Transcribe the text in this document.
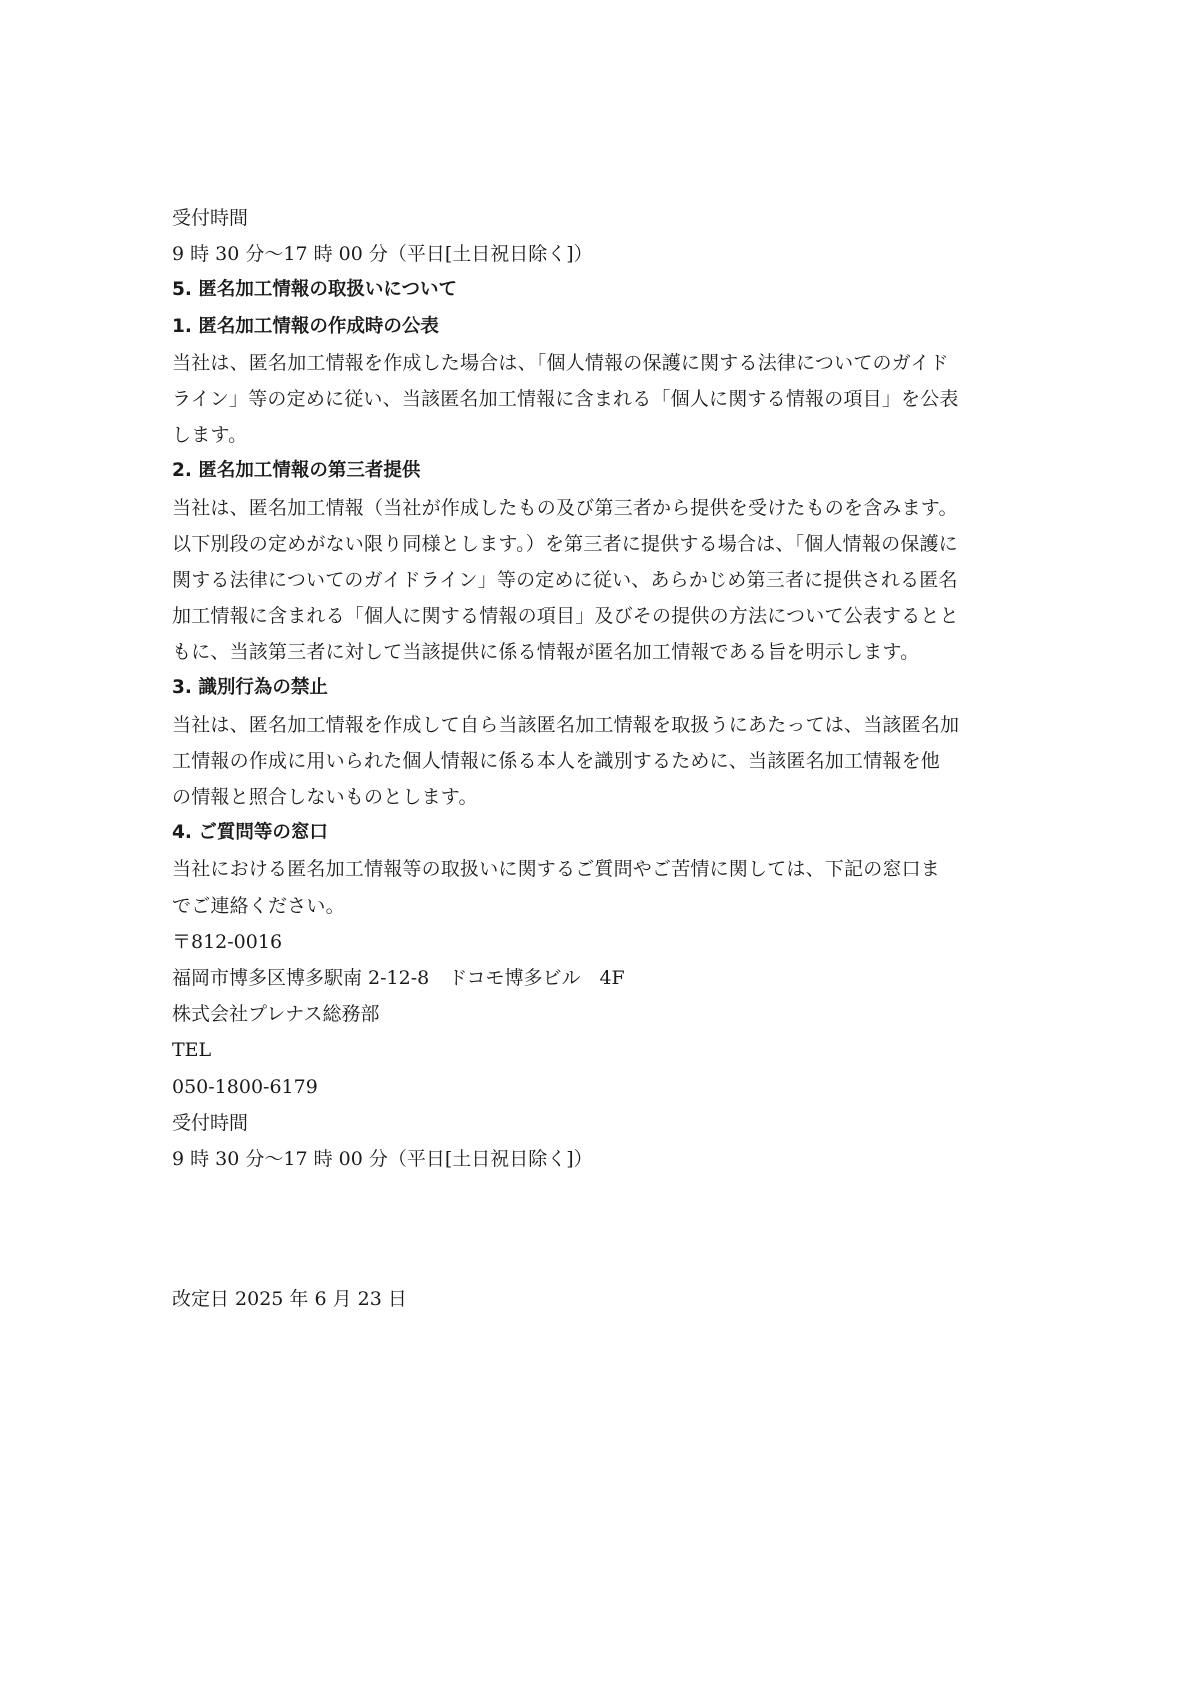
受付時間
9 時 30 分～17 時 00 分（平日[土日祝日除く]）
5. 匿名加工情報の取扱いについて
1. 匿名加工情報の作成時の公表
当社は、匿名加工情報を作成した場合は、「個人情報の保護に関する法律についてのガイド
ライン」等の定めに従い、当該匿名加工情報に含まれる「個人に関する情報の項目」を公表
します。
2. 匿名加工情報の第三者提供
当社は、匿名加工情報（当社が作成したもの及び第三者から提供を受けたものを含みます。
以下別段の定めがない限り同様とします。）を第三者に提供する場合は、「個人情報の保護に
関する法律についてのガイドライン」等の定めに従い、あらかじめ第三者に提供される匿名
加工情報に含まれる「個人に関する情報の項目」及びその提供の方法について公表するとと
もに、当該第三者に対して当該提供に係る情報が匿名加工情報である旨を明示します。
3. 識別行為の禁止
当社は、匿名加工情報を作成して自ら当該匿名加工情報を取扱うにあたっては、当該匿名加
工情報の作成に用いられた個人情報に係る本人を識別するために、当該匿名加工情報を他
の情報と照合しないものとします。
4. ご質問等の窓口
当社における匿名加工情報等の取扱いに関するご質問やご苦情に関しては、下記の窓口ま
でご連絡ください。
〒812-0016
福岡市博多区博多駅南 2-12-8　ドコモ博多ビル　4F
株式会社プレナス総務部
TEL
050-1800-6179
受付時間
9 時 30 分～17 時 00 分（平日[土日祝日除く]）
改定日 2025 年 6 月 23 日
